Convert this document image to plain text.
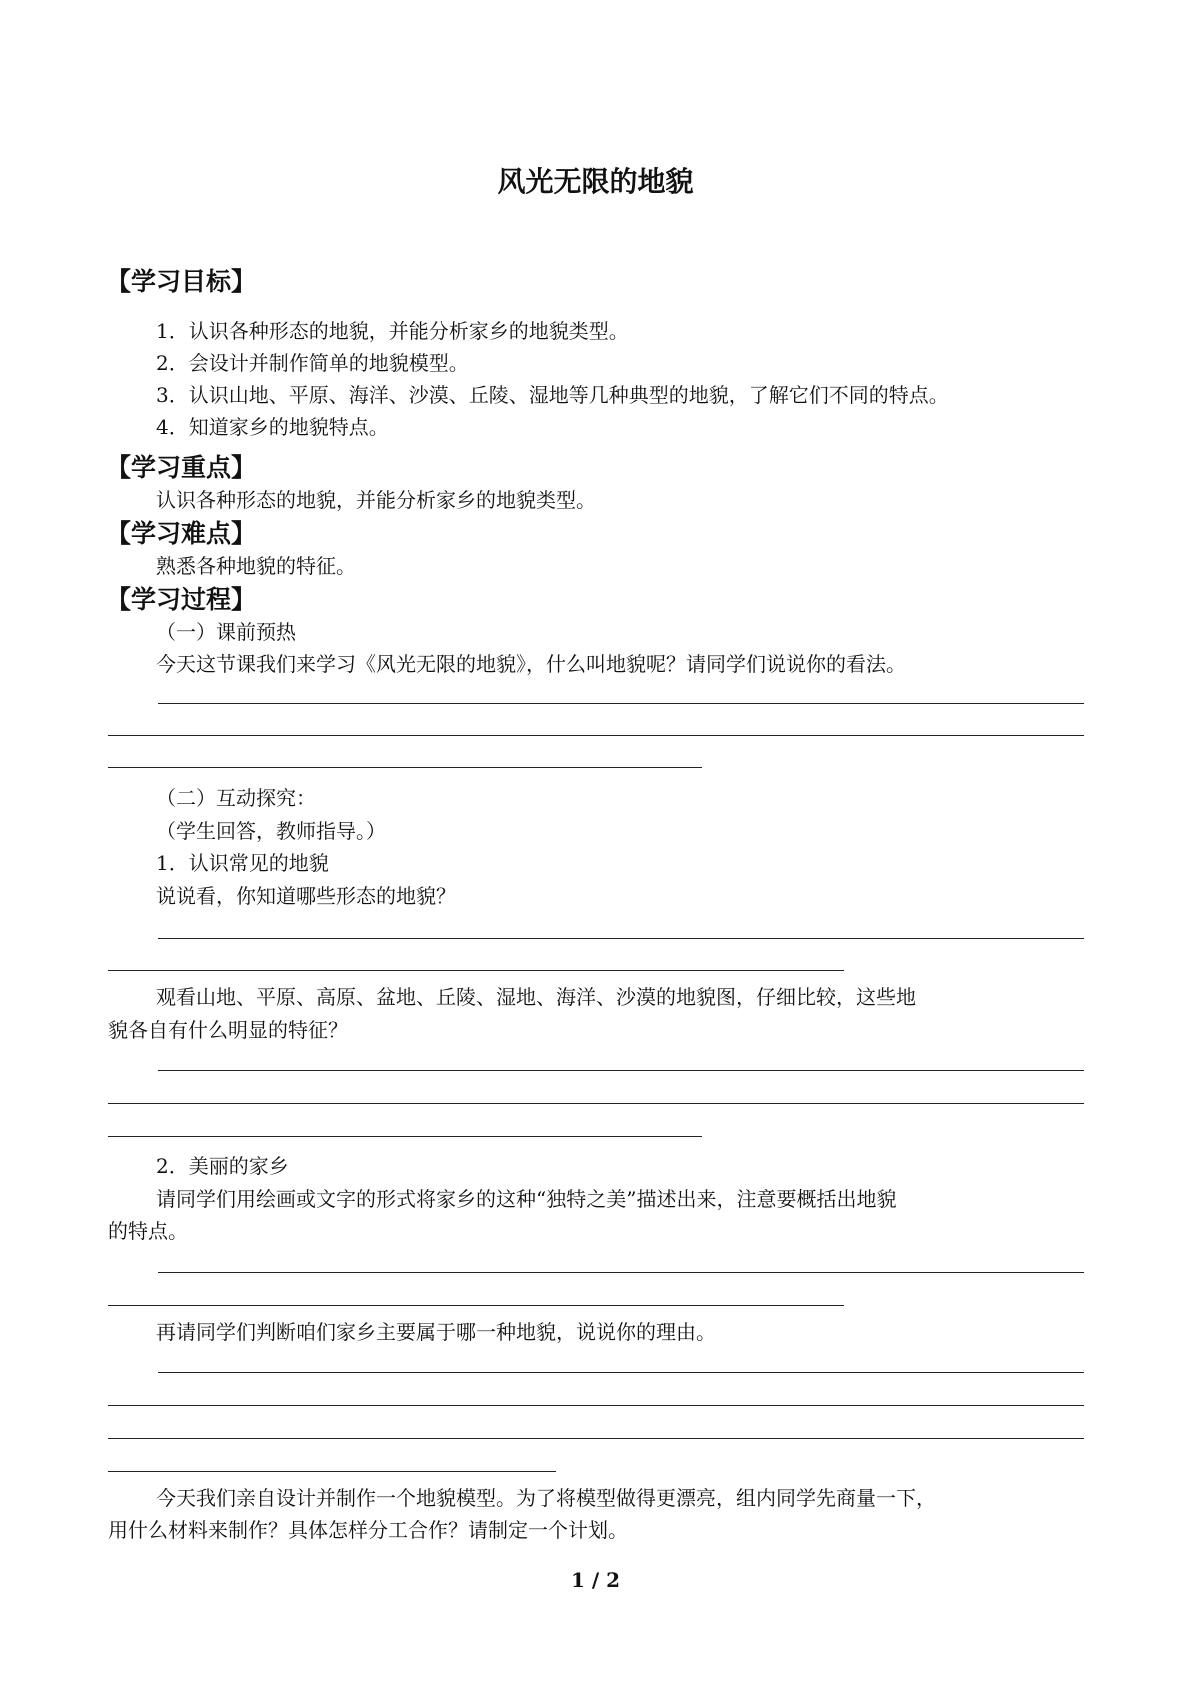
风光无限的地貌
【学习目标】
1．认识各种形态的地貌，并能分析家乡的地貌类型。
2．会设计并制作简单的地貌模型。
3．认识山地、平原、海洋、沙漠、丘陵、湿地等几种典型的地貌，了解它们不同的特点。
4．知道家乡的地貌特点。
【学习重点】
认识各种形态的地貌，并能分析家乡的地貌类型。
【学习难点】
熟悉各种地貌的特征。
【学习过程】
（一）课前预热
今天这节课我们来学习《风光无限的地貌》，什么叫地貌呢？请同学们说说你的看法。
（二）互动探究：
（学生回答，教师指导。）
1．认识常见的地貌
说说看，你知道哪些形态的地貌？
观看山地、平原、高原、盆地、丘陵、湿地、海洋、沙漠的地貌图，仔细比较，这些地
貌各自有什么明显的特征？
2．美丽的家乡
请同学们用绘画或文字的形式将家乡的这种“独特之美”描述出来，注意要概括出地貌
的特点。
再请同学们判断咱们家乡主要属于哪一种地貌，说说你的理由。
今天我们亲自设计并制作一个地貌模型。为了将模型做得更漂亮，组内同学先商量一下，
用什么材料来制作？具体怎样分工合作？请制定一个计划。
1 / 2
